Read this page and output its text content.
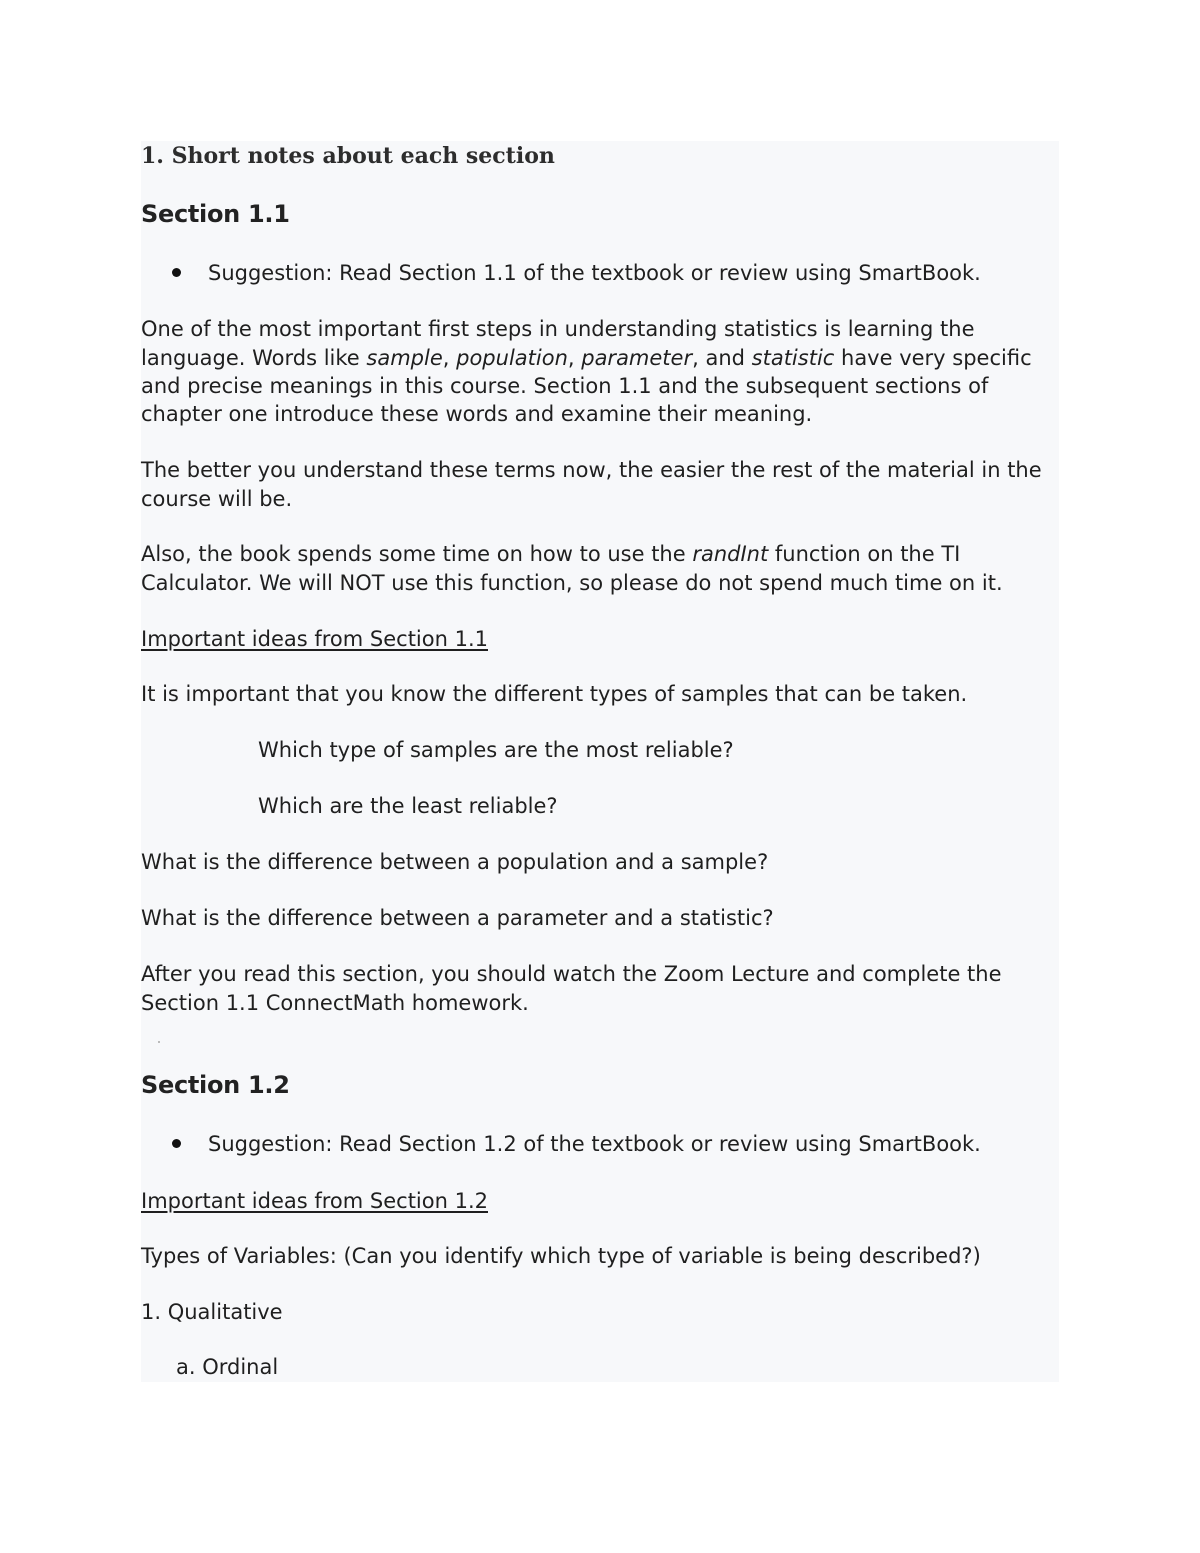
1. Short notes about each section

Section 1.1

Suggestion: Read Section 1.1 of the textbook or review using SmartBook.

One of the most important first steps in understanding statistics is learning the

language. Words like sample, population, parameter, and statistic have very specific

and precise meanings in this course. Section 1.1 and the subsequent sections of

chapter one introduce these words and examine their meaning.

The better you understand these terms now, the easier the rest of the material in the

course will be.

Also, the book spends some time on how to use the randInt function on the TI

Calculator. We will NOT use this function, so please do not spend much time on it.

Important ideas from Section 1.1

It is important that you know the different types of samples that can be taken.

Which type of samples are the most reliable?

Which are the least reliable?

What is the difference between a population and a sample?

What is the difference between a parameter and a statistic?

After you read this section, you should watch the Zoom Lecture and complete the

Section 1.1 ConnectMath homework.

Section 1.2

Suggestion: Read Section 1.2 of the textbook or review using SmartBook.

Important ideas from Section 1.2

Types of Variables: (Can you identify which type of variable is being described?)

1. Qualitative

a. Ordinal
